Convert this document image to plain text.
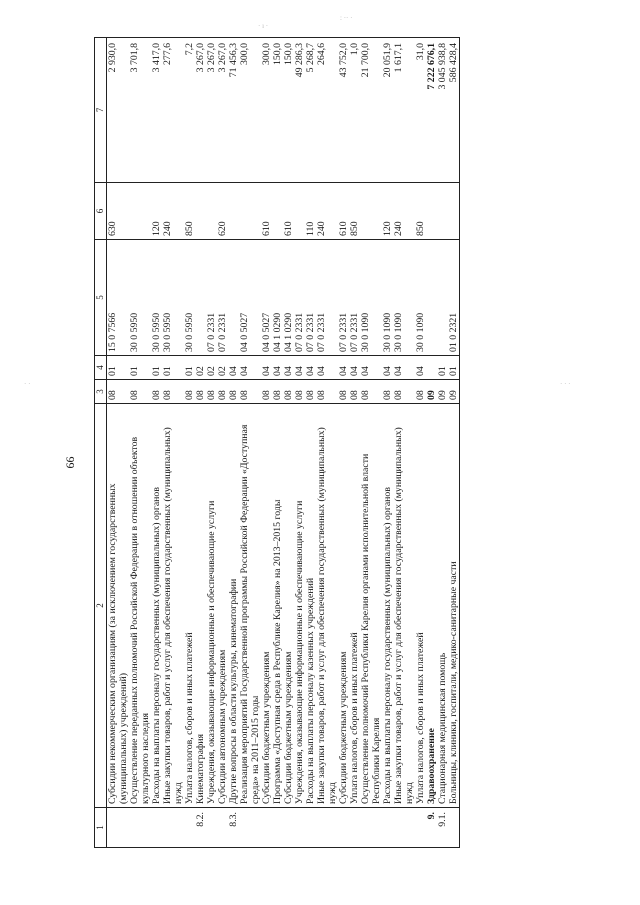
99
· ı ·
: ·· ·
· ·	· · ·
1	2	3	4	5	6	7
	Субсидии некоммерческим организациям (за исключением государственных (муниципальных) учреждений)	08	01	15 0 7566	630	2 930,0
	Осуществление переданных полномочий Российской Федерации в отношении объектов культурного наследия	08	01	30 0 5950		3 701,8
	Расходы на выплаты персоналу государственных (муниципальных) органов	08	01	30 0 5950	120	3 417,0
	Иные закупки товаров, работ и услуг для обеспечения государственных (муниципальных) нужд	08	01	30 0 5950	240	277,6
	Уплата налогов, сборов и иных платежей	08	01	30 0 5950	850	7,2
8.2.	Кинематография	08	02			3 267,0
	Учреждения, оказывающие информационные и обеспечивающие услуги	08	02	07 0 2331		3 267,0
	Субсидии автономным учреждениям	08	02	07 0 2331	620	3 267,0
8.3.	Другие вопросы в области культуры, кинематографии	08	04			71 456,3
	Реализация мероприятий Государственной программы Российской Федерации «Доступная среда» на 2011–2015 годы	08	04	04 0 5027		300,0
	Субсидии бюджетным учреждениям	08	04	04 0 5027	610	300,0
	Программа «Доступная среда в Республике Карелия» на 2013–2015 годы	08	04	04 1 0290		150,0
	Субсидии бюджетным учреждениям	08	04	04 1 0290	610	150,0
	Учреждения, оказывающие информационные и обеспечивающие услуги	08	04	07 0 2331		49 286,3
	Расходы на выплаты персоналу казенных учреждений	08	04	07 0 2331	110	5 268,7
	Иные закупки товаров, работ и услуг для обеспечения государственных (муниципальных) нужд	08	04	07 0 2331	240	264,6
	Субсидии бюджетным учреждениям	08	04	07 0 2331	610	43 752,0
	Уплата налогов, сборов и иных платежей	08	04	07 0 2331	850	1,0
	Осуществление полномочий Республики Карелия органами исполнительной власти Республики Карелия	08	04	30 0 1090		21 700,0
	Расходы на выплаты персоналу государственных (муниципальных) органов	08	04	30 0 1090	120	20 051,9
	Иные закупки товаров, работ и услуг для обеспечения государственных (муниципальных) нужд	08	04	30 0 1090	240	1 617,1
	Уплата налогов, сборов и иных платежей	08	04	30 0 1090	850	31,0
9.	Здравоохранение	09				7 222 676,1
9.1.	Стационарная медицинская помощь	09	01			3 045 938,8
	Больницы, клиники, госпитали, медико-санитарные части	09	01	01 0 2321		586 428,4
